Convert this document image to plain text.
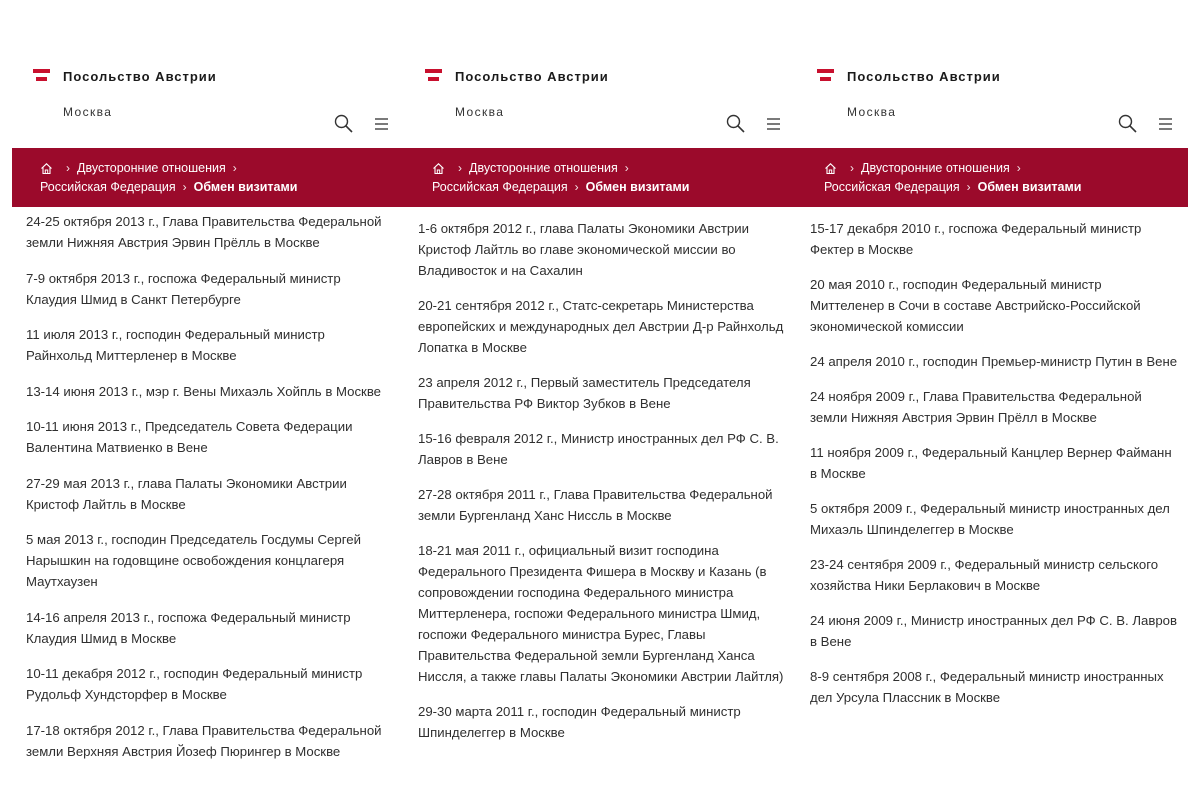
Посольство Австрии
Москва
› Двусторонние отношения ›
Российская Федерация › Обмен визитами
24-25 октября 2013 г., Глава Правительства Федеральной земли Нижняя Австрия Эрвин Прёлль в Москве
7-9 октября 2013 г., госпожа Федеральный министр Клаудия Шмид в Санкт Петербурге
11 июля 2013 г., господин Федеральный министр Райнхольд Миттерленер в Москве
13-14 июня 2013 г., мэр г. Вены Михаэль Хойпль в Москве
10-11 июня 2013 г., Председатель Совета Федерации Валентина Матвиенко в Вене
27-29 мая 2013 г., глава Палаты Экономики Австрии Кристоф Лайтль в Москве
5 мая 2013 г., господин Председатель Госдумы Сергей Нарышкин на годовщине освобождения концлагеря Маутхаузен
14-16 апреля 2013 г., госпожа Федеральный министр Клаудия Шмид в Москве
10-11 декабря 2012 г., господин Федеральный министр Рудольф Хундсторфер в Москве
17-18 октября 2012 г., Глава Правительства Федеральной земли Верхняя Австрия Йозеф Пюрингер в Москве
Посольство Австрии
Москва
› Двусторонние отношения ›
Российская Федерация › Обмен визитами
1-6 октября 2012 г., глава Палаты Экономики Австрии Кристоф Лайтль во главе экономической миссии во Владивосток и на Сахалин
20-21 сентября 2012 г., Статс-секретарь Министерства европейских и международных дел Австрии Д-р Райнхольд Лопатка в Москве
23 апреля 2012 г., Первый заместитель Председателя Правительства РФ Виктор Зубков в Вене
15-16 февраля 2012 г., Министр иностранных дел РФ С. В. Лавров в Вене
27-28 октября 2011 г., Глава Правительства Федеральной земли Бургенланд Ханс Ниссль в Москве
18-21 мая 2011 г., официальный визит господина Федерального Президента Фишера в Москву и Казань (в сопровождении господина Федерального министра Миттерленера, госпожи Федерального министра Шмид, госпожи Федерального министра Бурес, Главы Правительства Федеральной земли Бургенланд Ханса Ниссля, а также главы Палаты Экономики Австрии Лайтля)
29-30 марта 2011 г., господин Федеральный министр Шпинделеггер в Москве
Посольство Австрии
Москва
› Двусторонние отношения ›
Российская Федерация › Обмен визитами
15-17 декабря 2010 г., госпожа Федеральный министр Фектер в Москве
20 мая 2010 г., господин Федеральный министр Миттеленер в Сочи в составе Австрийско-Российской экономической комиссии
24 апреля 2010 г., господин Премьер-министр Путин в Вене
24 ноября 2009 г., Глава Правительства Федеральной земли Нижняя Австрия Эрвин Прёлл в Москве
11 ноября 2009 г., Федеральный Канцлер Вернер Файманн в Москве
5 октября 2009 г., Федеральный министр иностранных дел Михаэль Шпинделеггер в Москве
23-24 сентября 2009 г., Федеральный министр сельского хозяйства Ники Берлакович в Москве
24 июня 2009 г., Министр иностранных дел РФ С. В. Лавров в Вене
8-9 сентября 2008 г., Федеральный министр иностранных дел Урсула Плассник в Москве
